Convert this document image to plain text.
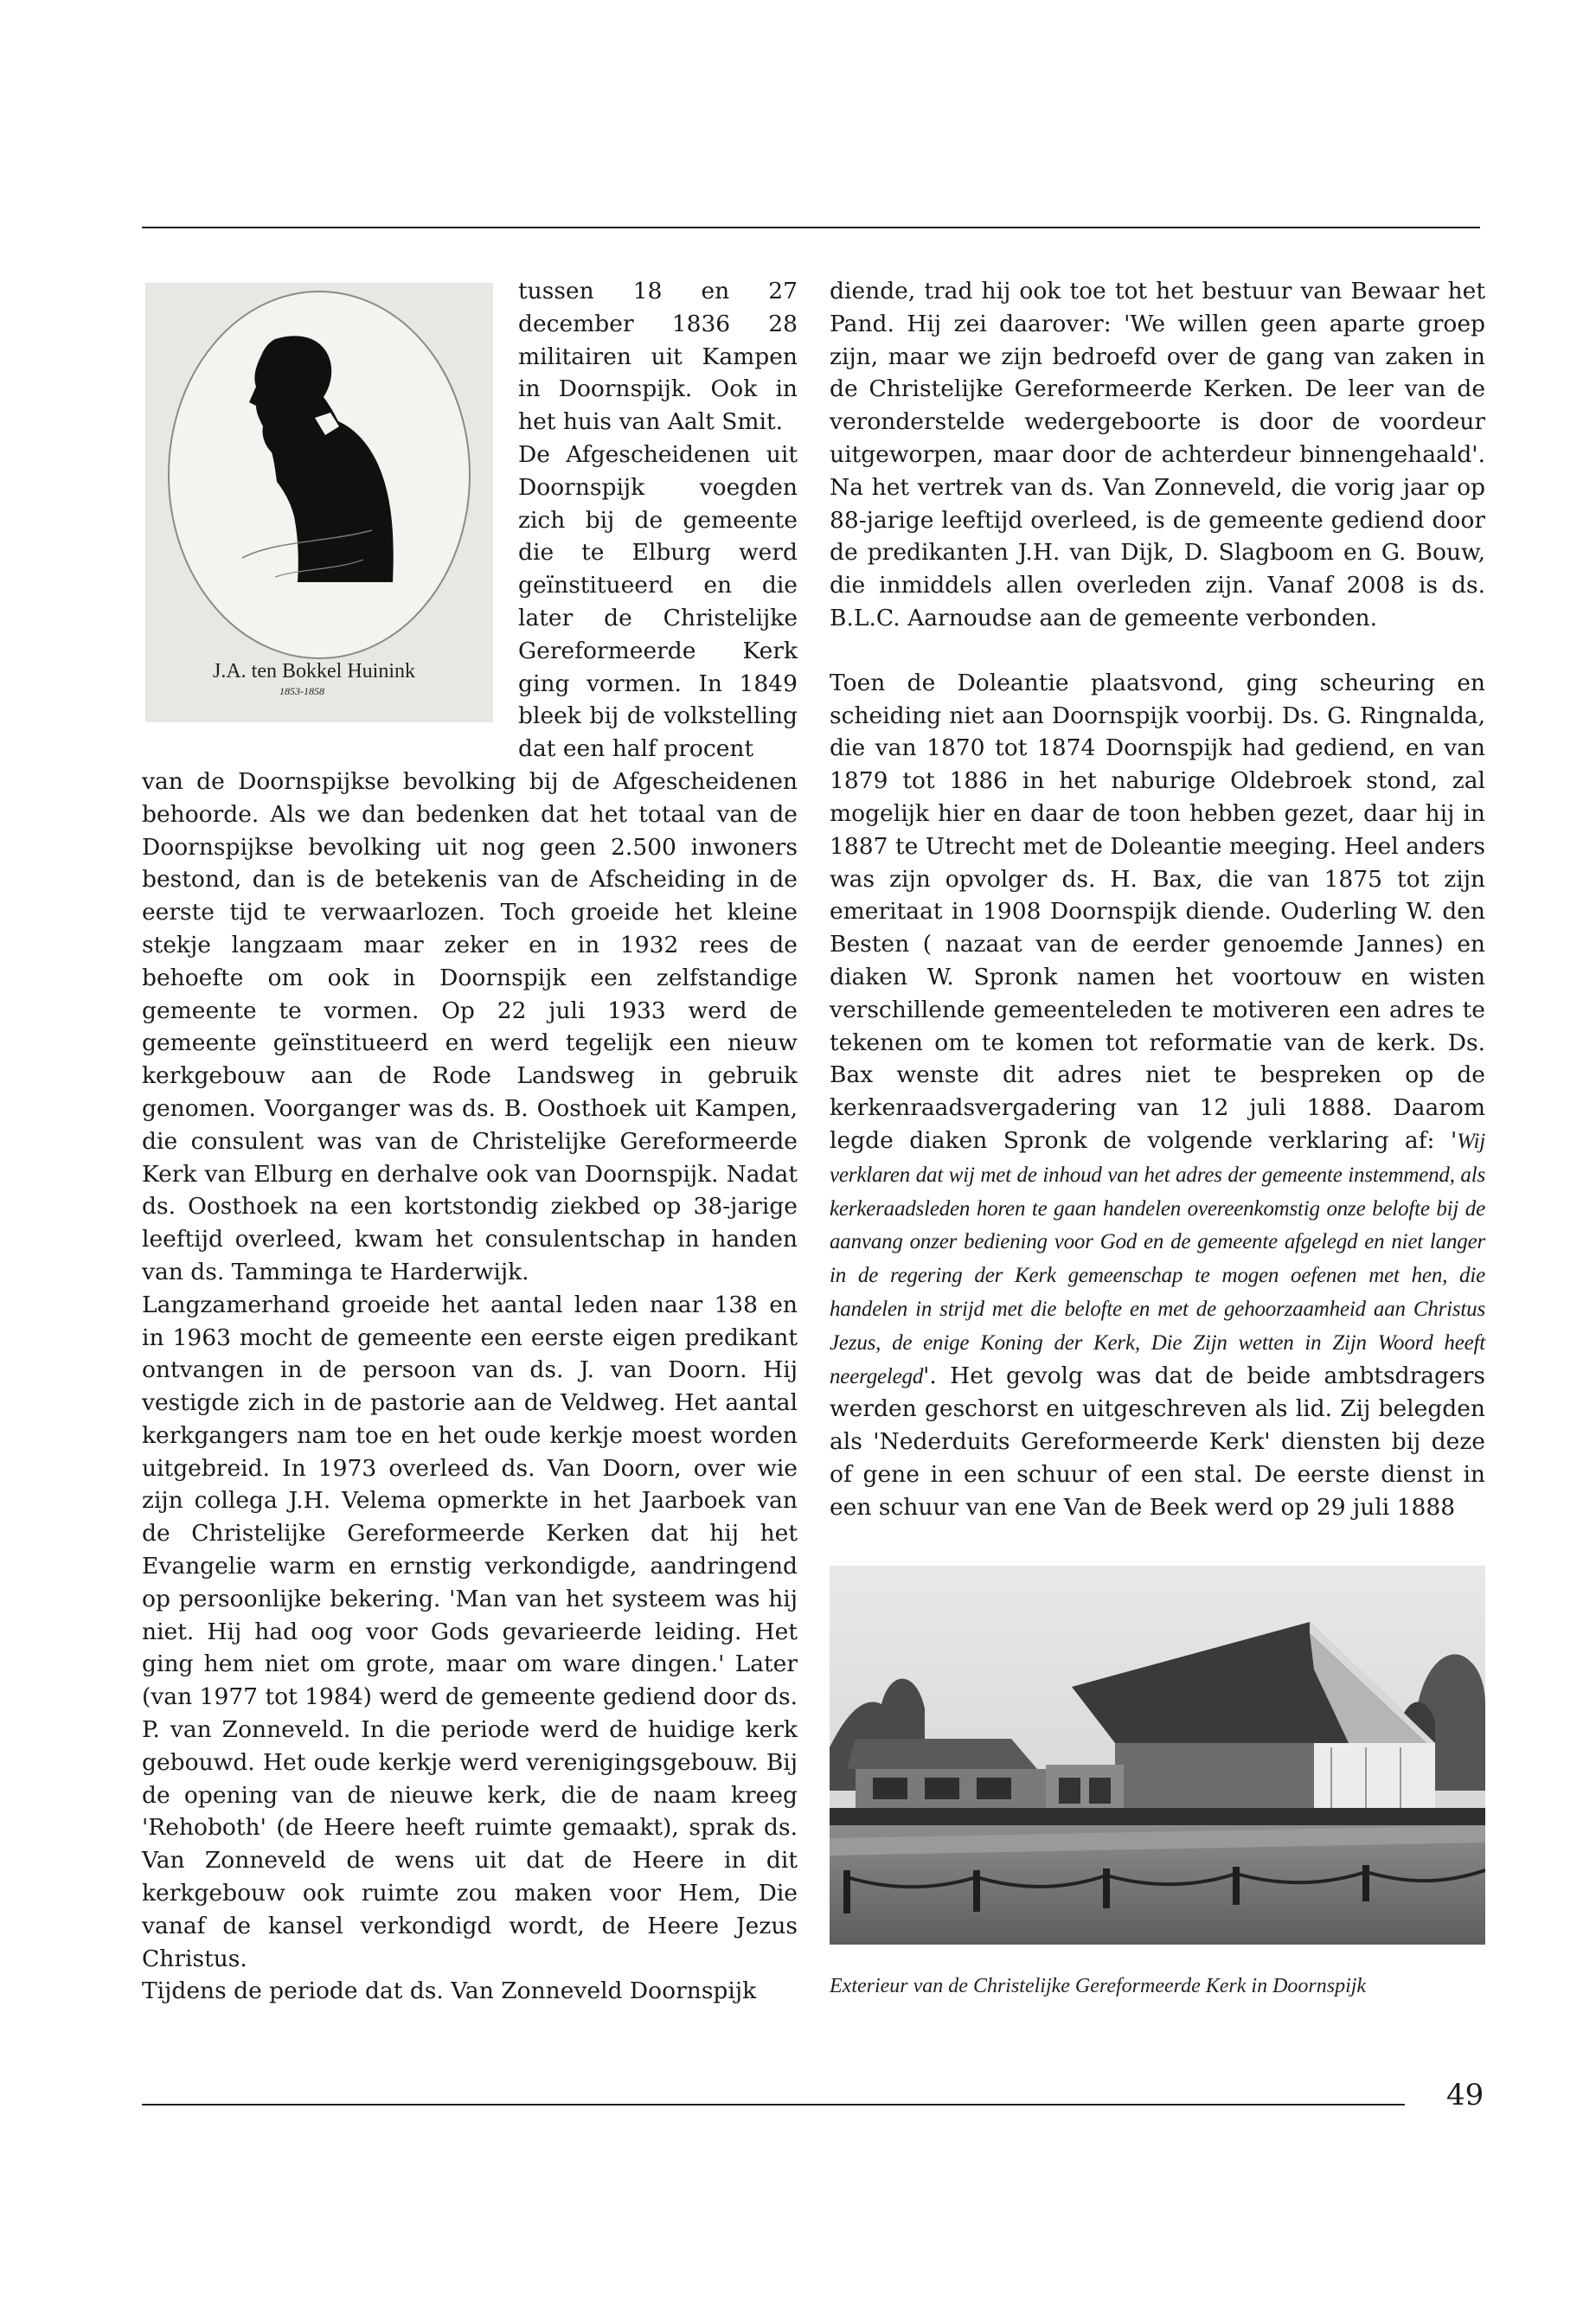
J.A. ten Bokkel Huinink
1853-1858

tussen 18 en 27 december 1836 28 militairen uit Kampen in Doornspijk. Ook in het huis van Aalt Smit.

De Afgescheidenen uit Doornspijk voegden zich bij de gemeente die te Elburg werd geïnstitueerd en die later de Christelijke Gereformeerde Kerk ging vormen. In 1849 bleek bij de volkstelling dat een half procent

van de Doornspijkse bevolking bij de Afgescheidenen behoorde. Als we dan bedenken dat het totaal van de Doornspijkse bevolking uit nog geen 2.500 inwoners bestond, dan is de betekenis van de Afscheiding in de eerste tijd te verwaarlozen. Toch groeide het kleine stekje langzaam maar zeker en in 1932 rees de behoefte om ook in Doornspijk een zelfstandige gemeente te vormen. Op 22 juli 1933 werd de gemeente geïnstitueerd en werd tegelijk een nieuw kerkgebouw aan de Rode Landsweg in gebruik genomen. Voorganger was ds. B. Oosthoek uit Kampen, die consulent was van de Christelijke Gereformeerde Kerk van Elburg en derhalve ook van Doornspijk. Nadat ds. Oosthoek na een kortstondig ziekbed op 38-jarige leeftijd overleed, kwam het consulentschap in handen van ds. Tamminga te Harderwijk.

Langzamerhand groeide het aantal leden naar 138 en in 1963 mocht de gemeente een eerste eigen predikant ontvangen in de persoon van ds. J. van Doorn. Hij vestigde zich in de pastorie aan de Veldweg. Het aantal kerkgangers nam toe en het oude kerkje moest worden uitgebreid. In 1973 overleed ds. Van Doorn, over wie zijn collega J.H. Velema opmerkte in het Jaarboek van de Christelijke Gereformeerde Kerken dat hij het Evangelie warm en ernstig verkondigde, aandringend op persoonlijke bekering. 'Man van het systeem was hij niet. Hij had oog voor Gods gevarieerde leiding. Het ging hem niet om grote, maar om ware dingen.' Later (van 1977 tot 1984) werd de gemeente gediend door ds. P. van Zonneveld. In die periode werd de huidige kerk gebouwd. Het oude kerkje werd verenigingsgebouw. Bij de opening van de nieuwe kerk, die de naam kreeg 'Rehoboth' (de Heere heeft ruimte gemaakt), sprak ds. Van Zonneveld de wens uit dat de Heere in dit kerkgebouw ook ruimte zou maken voor Hem, Die vanaf de kansel verkondigd wordt, de Heere Jezus Christus.

Tijdens de periode dat ds. Van Zonneveld Doornspijk

diende, trad hij ook toe tot het bestuur van Bewaar het Pand. Hij zei daarover: 'We willen geen aparte groep zijn, maar we zijn bedroefd over de gang van zaken in de Christelijke Gereformeerde Kerken. De leer van de veronderstelde wedergeboorte is door de voordeur uitgeworpen, maar door de achterdeur binnengehaald'. Na het vertrek van ds. Van Zonneveld, die vorig jaar op 88-jarige leeftijd overleed, is de gemeente gediend door de predikanten J.H. van Dijk, D. Slagboom en G. Bouw, die inmiddels allen overleden zijn. Vanaf 2008 is ds. B.L.C. Aarnoudse aan de gemeente verbonden.

Toen de Doleantie plaatsvond, ging scheuring en scheiding niet aan Doornspijk voorbij. Ds. G. Ringnalda, die van 1870 tot 1874 Doornspijk had gediend, en van 1879 tot 1886 in het naburige Oldebroek stond, zal mogelijk hier en daar de toon hebben gezet, daar hij in 1887 te Utrecht met de Doleantie meeging. Heel anders was zijn opvolger ds. H. Bax, die van 1875 tot zijn emeritaat in 1908 Doornspijk diende. Ouderling W. den Besten ( nazaat van de eerder genoemde Jannes) en diaken W. Spronk namen het voortouw en wisten verschillende gemeenteleden te motiveren een adres te tekenen om te komen tot reformatie van de kerk. Ds. Bax wenste dit adres niet te bespreken op de kerkenraadsvergadering van 12 juli 1888. Daarom legde diaken Spronk de volgende verklaring af: 'Wij verklaren dat wij met de inhoud van het adres der gemeente instemmend, als kerkeraadsleden horen te gaan handelen overeenkomstig onze belofte bij de aanvang onzer bediening voor God en de gemeente afgelegd en niet langer in de regering der Kerk gemeenschap te mogen oefenen met hen, die handelen in strijd met die belofte en met de gehoorzaamheid aan Christus Jezus, de enige Koning der Kerk, Die Zijn wetten in Zijn Woord heeft neergelegd'. Het gevolg was dat de beide ambtsdragers werden geschorst en uitgeschreven als lid. Zij belegden als 'Nederduits Gereformeerde Kerk' diensten bij deze of gene in een schuur of een stal. De eerste dienst in een schuur van ene Van de Beek werd op 29 juli 1888

Exterieur van de Christelijke Gereformeerde Kerk in Doornspijk
49
